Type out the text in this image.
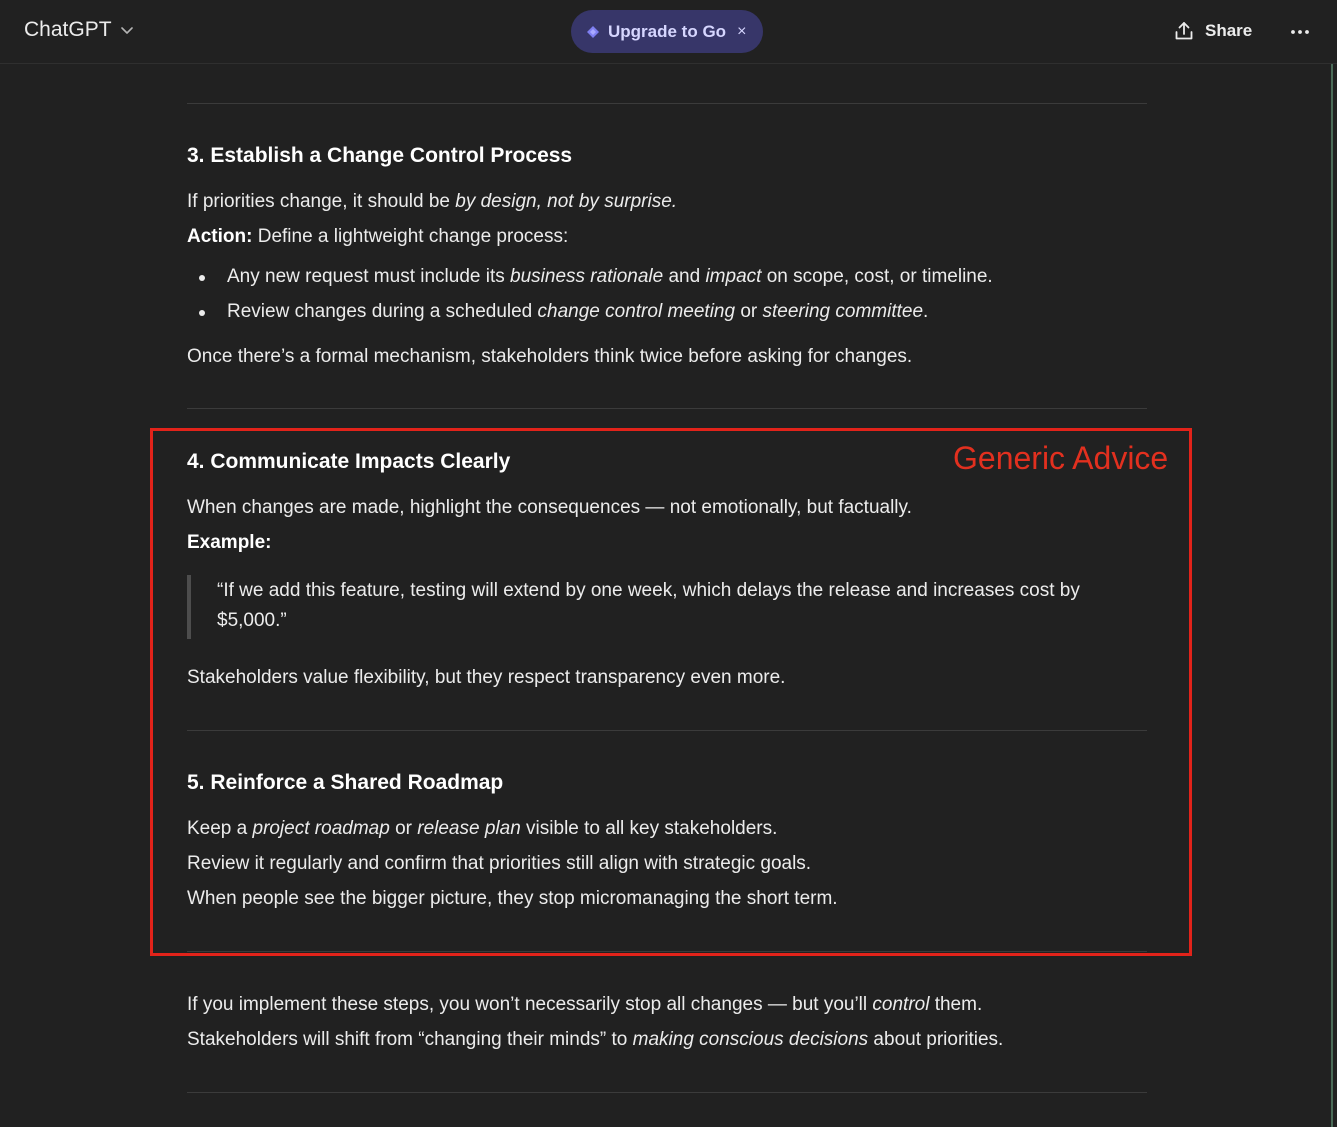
ChatGPT	Upgrade to Go ×	Share
3. Establish a Change Control Process
If priorities change, it should be by design, not by surprise.
Action: Define a lightweight change process:
Any new request must include its business rationale and impact on scope, cost, or timeline.
Review changes during a scheduled change control meeting or steering committee.
Once there’s a formal mechanism, stakeholders think twice before asking for changes.
4. Communicate Impacts Clearly
When changes are made, highlight the consequences — not emotionally, but factually.
Example:
“If we add this feature, testing will extend by one week, which delays the release and increases cost by $5,000.”
Stakeholders value flexibility, but they respect transparency even more.
5. Reinforce a Shared Roadmap
Keep a project roadmap or release plan visible to all key stakeholders.
Review it regularly and confirm that priorities still align with strategic goals.
When people see the bigger picture, they stop micromanaging the short term.
If you implement these steps, you won’t necessarily stop all changes — but you’ll control them.
Stakeholders will shift from “changing their minds” to making conscious decisions about priorities.
Generic Advice
